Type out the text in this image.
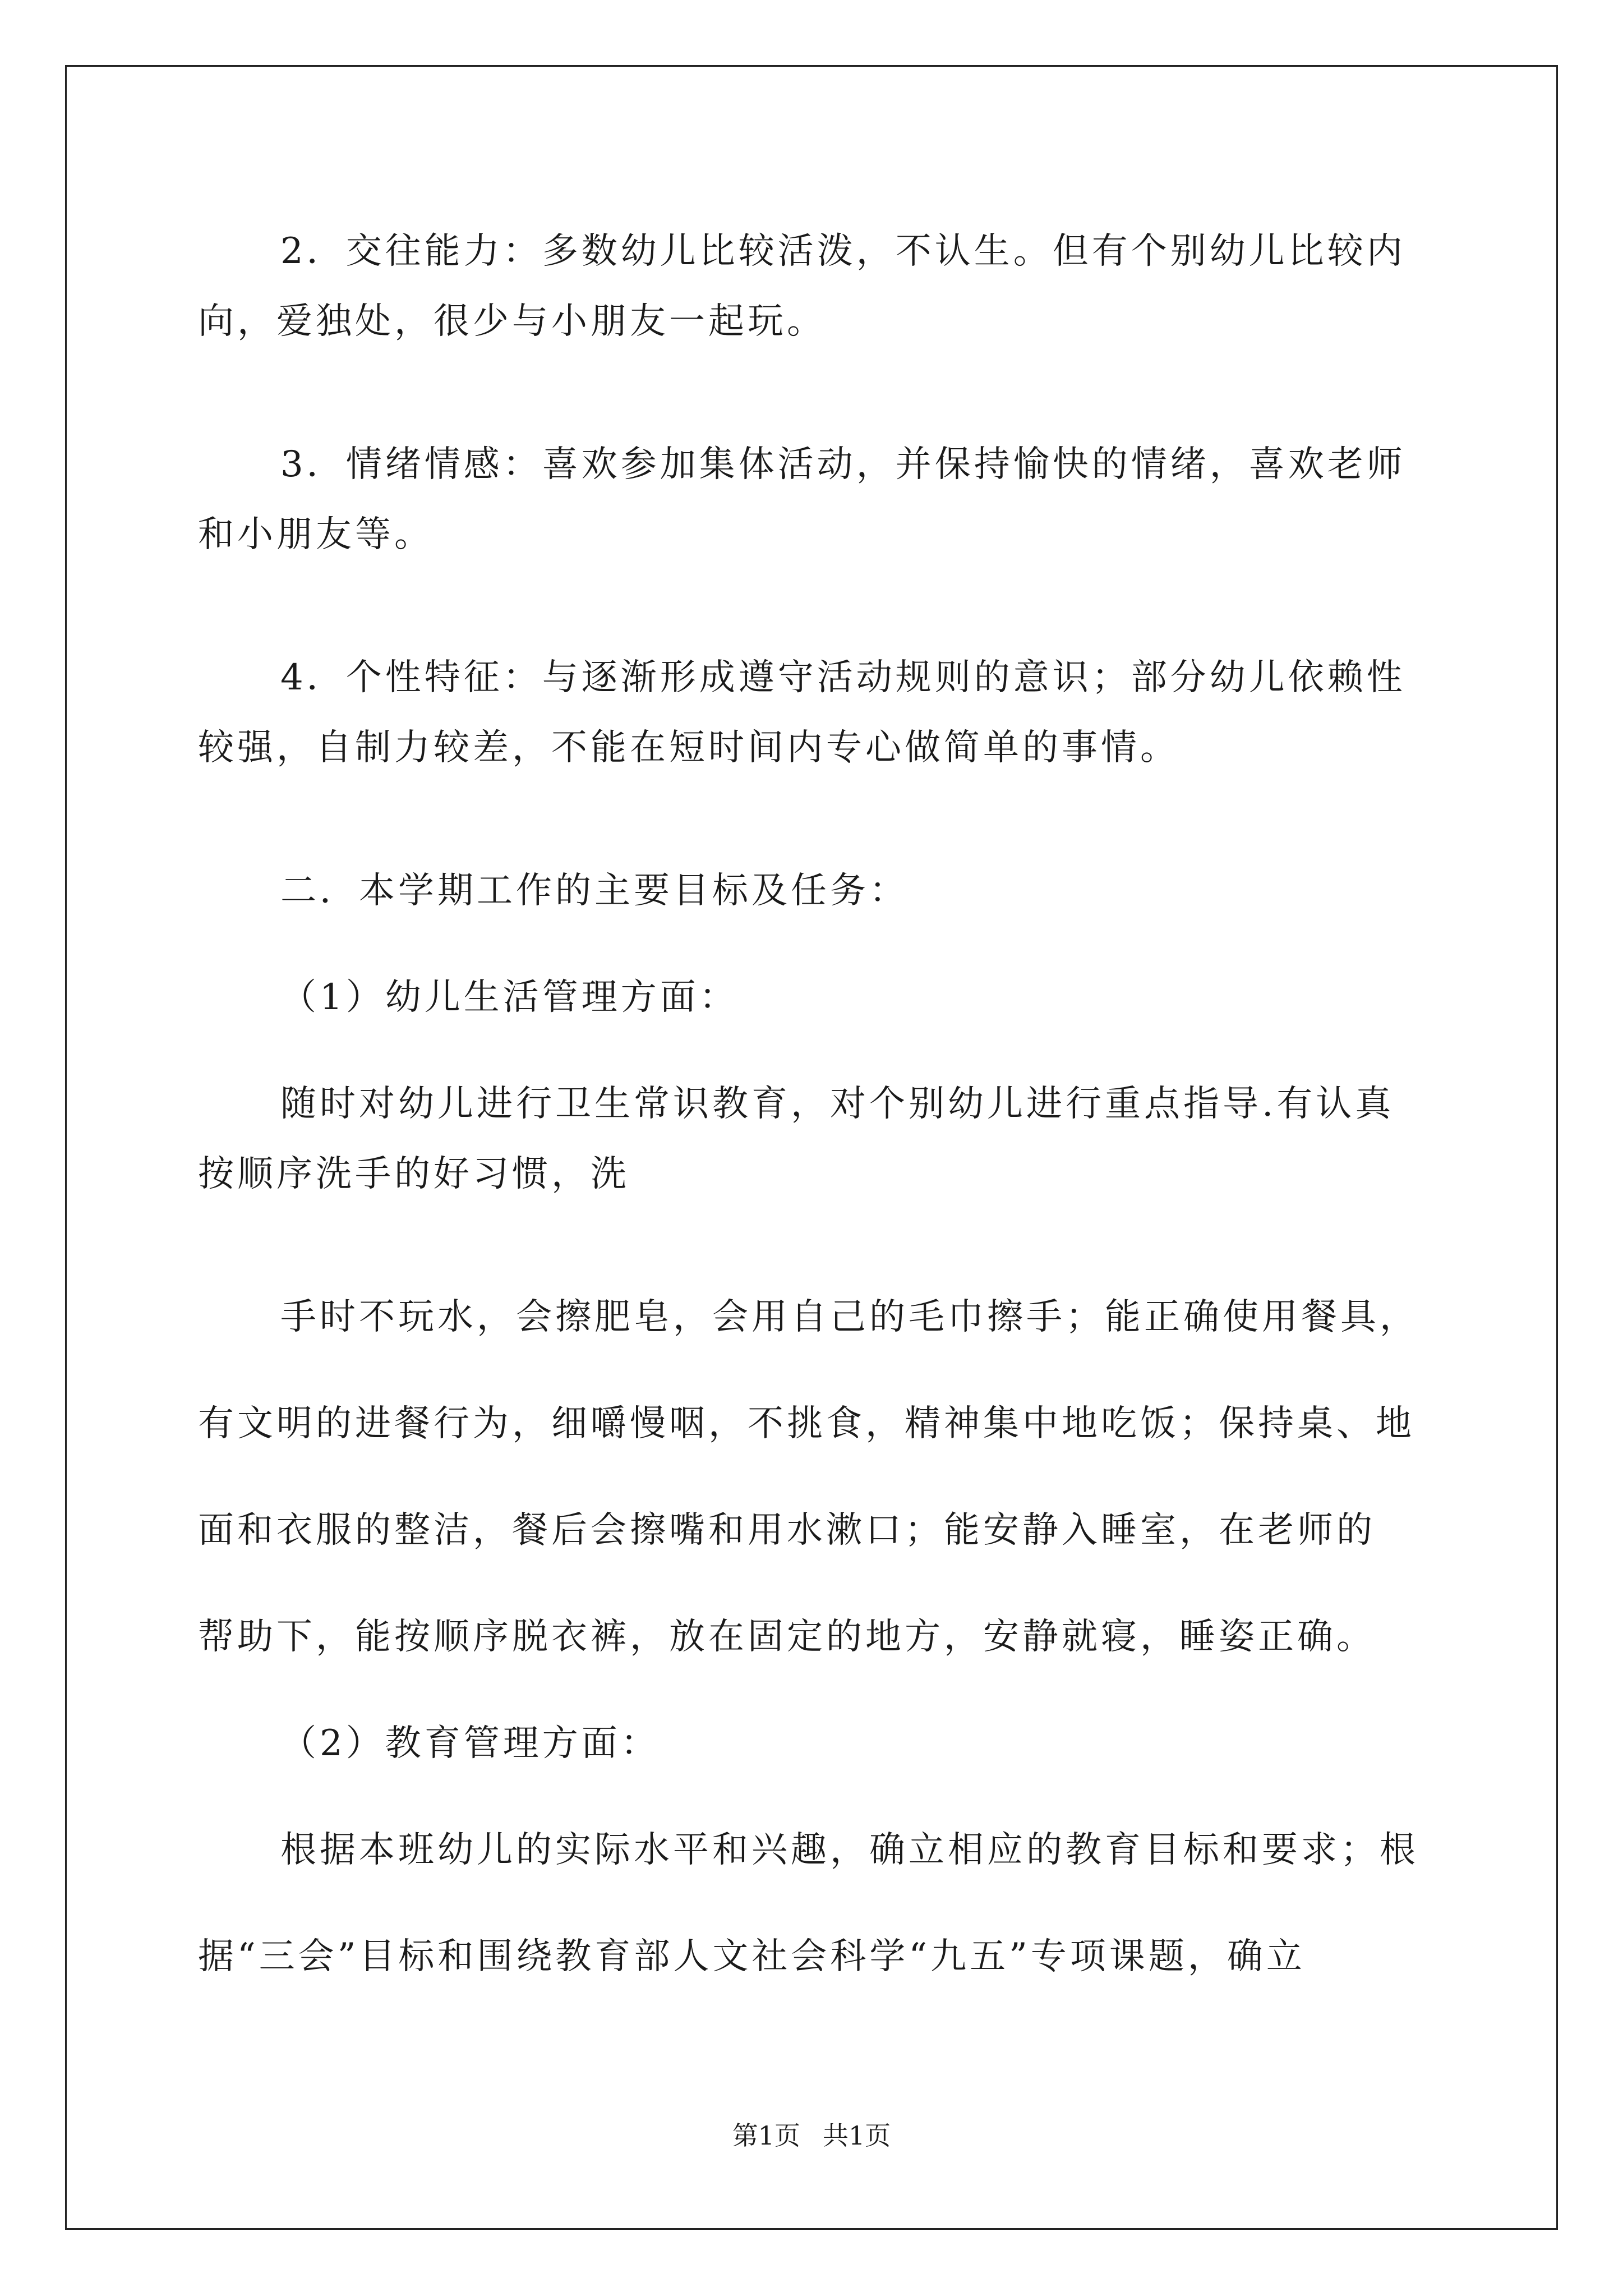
2．交往能力：多数幼儿比较活泼，不认生。但有个别幼儿比较内
向，爱独处，很少与小朋友一起玩。
3．情绪情感：喜欢参加集体活动，并保持愉快的情绪，喜欢老师
和小朋友等。
4．个性特征：与逐渐形成遵守活动规则的意识；部分幼儿依赖性
较强，自制力较差，不能在短时间内专心做简单的事情。
二．本学期工作的主要目标及任务：
（1）幼儿生活管理方面：
随时对幼儿进行卫生常识教育，对个别幼儿进行重点指导.有认真
按顺序洗手的好习惯，洗
手时不玩水，会擦肥皂，会用自己的毛巾擦手；能正确使用餐具，
有文明的进餐行为，细嚼慢咽，不挑食，精神集中地吃饭；保持桌、地
面和衣服的整洁，餐后会擦嘴和用水漱口；能安静入睡室，在老师的
帮助下，能按顺序脱衣裤，放在固定的地方，安静就寝，睡姿正确。
（2）教育管理方面：
根据本班幼儿的实际水平和兴趣，确立相应的教育目标和要求；根
据“三会”目标和围绕教育部人文社会科学“九五”专项课题，确立
第1页 共1页
